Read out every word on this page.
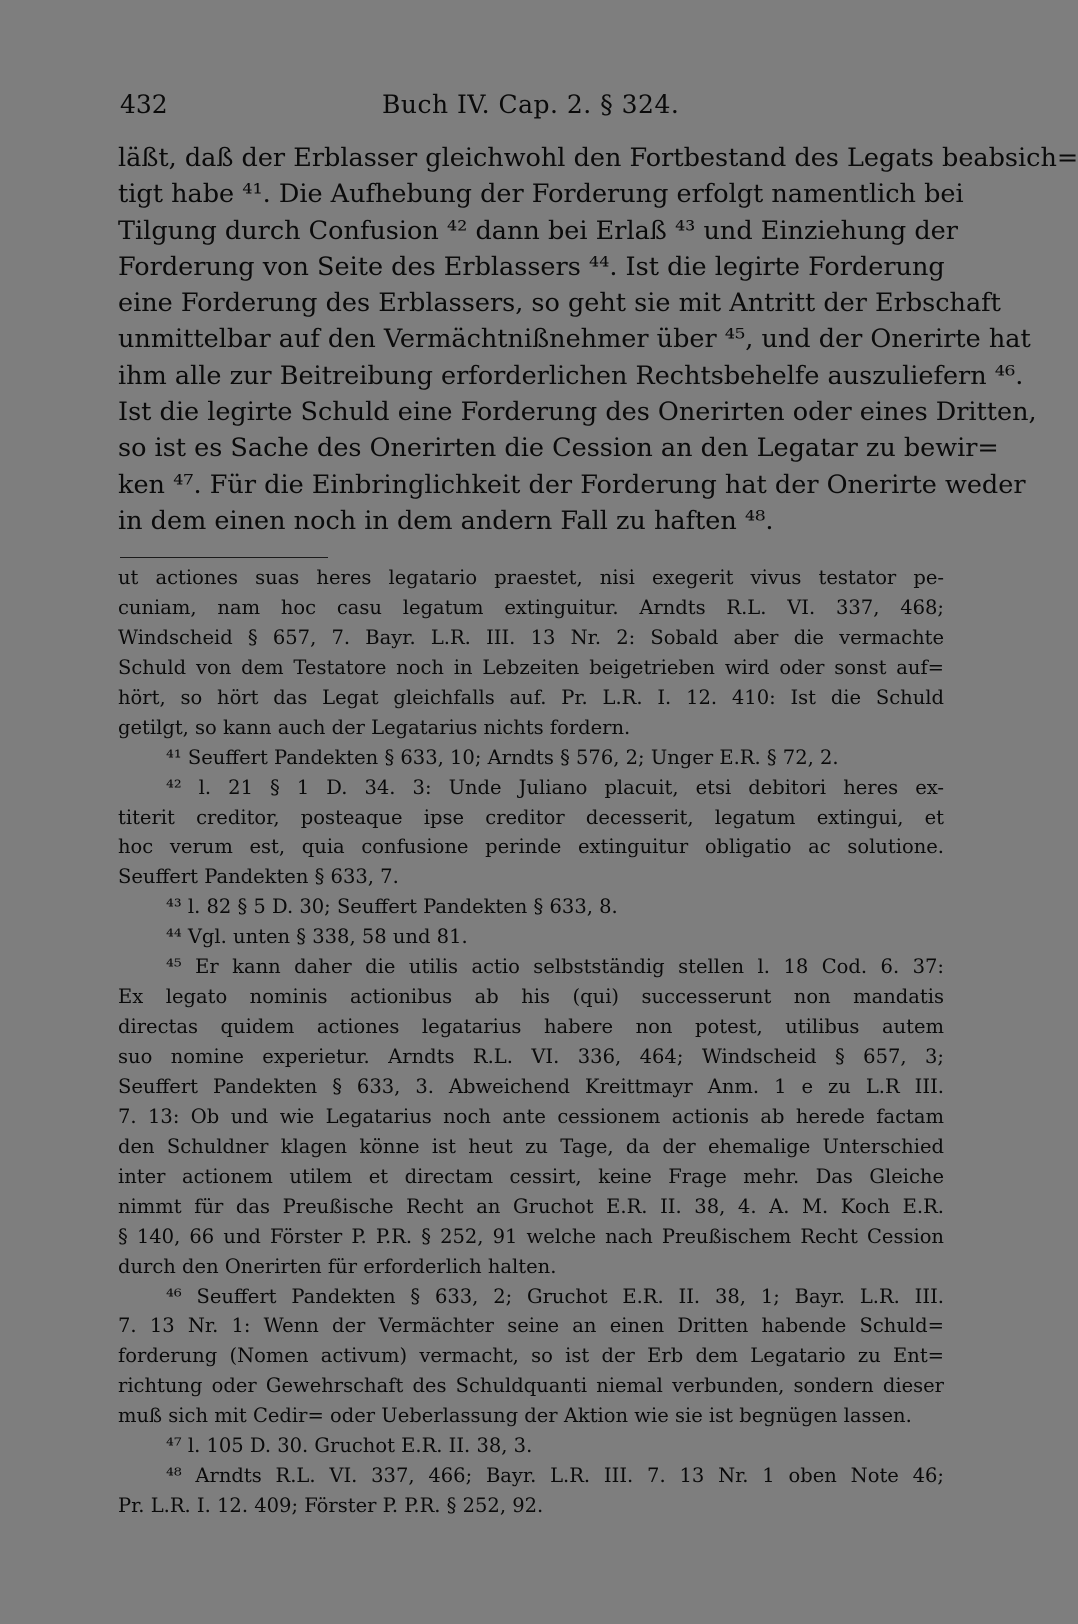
432	Buch IV. Cap. 2. § 324.
läßt, daß der Erblasser gleichwohl den Fortbestand des Legats beabsich=
tigt habe ⁴¹. Die Aufhebung der Forderung erfolgt namentlich bei
Tilgung durch Confusion ⁴² dann bei Erlaß ⁴³ und Einziehung der
Forderung von Seite des Erblassers ⁴⁴. Ist die legirte Forderung
eine Forderung des Erblassers, so geht sie mit Antritt der Erbschaft
unmittelbar auf den Vermächtnißnehmer über ⁴⁵, und der Onerirte hat
ihm alle zur Beitreibung erforderlichen Rechtsbehelfe auszuliefern ⁴⁶.
Ist die legirte Schuld eine Forderung des Onerirten oder eines Dritten,
so ist es Sache des Onerirten die Cession an den Legatar zu bewir=
ken ⁴⁷. Für die Einbringlichkeit der Forderung hat der Onerirte weder
in dem einen noch in dem andern Fall zu haften ⁴⁸.
ut actiones suas heres legatario praestet, nisi exegerit vivus testator pe-
cuniam, nam hoc casu legatum extinguitur. Arndts R.L. VI. 337, 468;
Windscheid § 657, 7. Bayr. L.R. III. 13 Nr. 2: Sobald aber die vermachte
Schuld von dem Testatore noch in Lebzeiten beigetrieben wird oder sonst auf=
hört, so hört das Legat gleichfalls auf. Pr. L.R. I. 12. 410: Ist die Schuld
getilgt, so kann auch der Legatarius nichts fordern.
⁴¹ Seuffert Pandekten § 633, 10; Arndts § 576, 2; Unger E.R. § 72, 2.
⁴² l. 21 § 1 D. 34. 3: Unde Juliano placuit, etsi debitori heres ex-
titerit creditor, posteaque ipse creditor decesserit, legatum extingui, et
hoc verum est, quia confusione perinde extinguitur obligatio ac solutione.
Seuffert Pandekten § 633, 7.
⁴³ l. 82 § 5 D. 30; Seuffert Pandekten § 633, 8.
⁴⁴ Vgl. unten § 338, 58 und 81.
⁴⁵ Er kann daher die utilis actio selbstständig stellen l. 18 Cod. 6. 37:
Ex legato nominis actionibus ab his (qui) successerunt non mandatis
directas quidem actiones legatarius habere non potest, utilibus autem
suo nomine experietur. Arndts R.L. VI. 336, 464; Windscheid § 657, 3;
Seuffert Pandekten § 633, 3. Abweichend Kreittmayr Anm. 1 e zu L.R III.
7. 13: Ob und wie Legatarius noch ante cessionem actionis ab herede factam
den Schuldner klagen könne ist heut zu Tage, da der ehemalige Unterschied
inter actionem utilem et directam cessirt, keine Frage mehr. Das Gleiche
nimmt für das Preußische Recht an Gruchot E.R. II. 38, 4. A. M. Koch E.R.
§ 140, 66 und Förster P. P.R. § 252, 91 welche nach Preußischem Recht Cession
durch den Onerirten für erforderlich halten.
⁴⁶ Seuffert Pandekten § 633, 2; Gruchot E.R. II. 38, 1; Bayr. L.R. III.
7. 13 Nr. 1: Wenn der Vermächter seine an einen Dritten habende Schuld=
forderung (Nomen activum) vermacht, so ist der Erb dem Legatario zu Ent=
richtung oder Gewehrschaft des Schuldquanti niemal verbunden, sondern dieser
muß sich mit Cedir= oder Ueberlassung der Aktion wie sie ist begnügen lassen.
⁴⁷ l. 105 D. 30. Gruchot E.R. II. 38, 3.
⁴⁸ Arndts R.L. VI. 337, 466; Bayr. L.R. III. 7. 13 Nr. 1 oben Note 46;
Pr. L.R. I. 12. 409; Förster P. P.R. § 252, 92.
